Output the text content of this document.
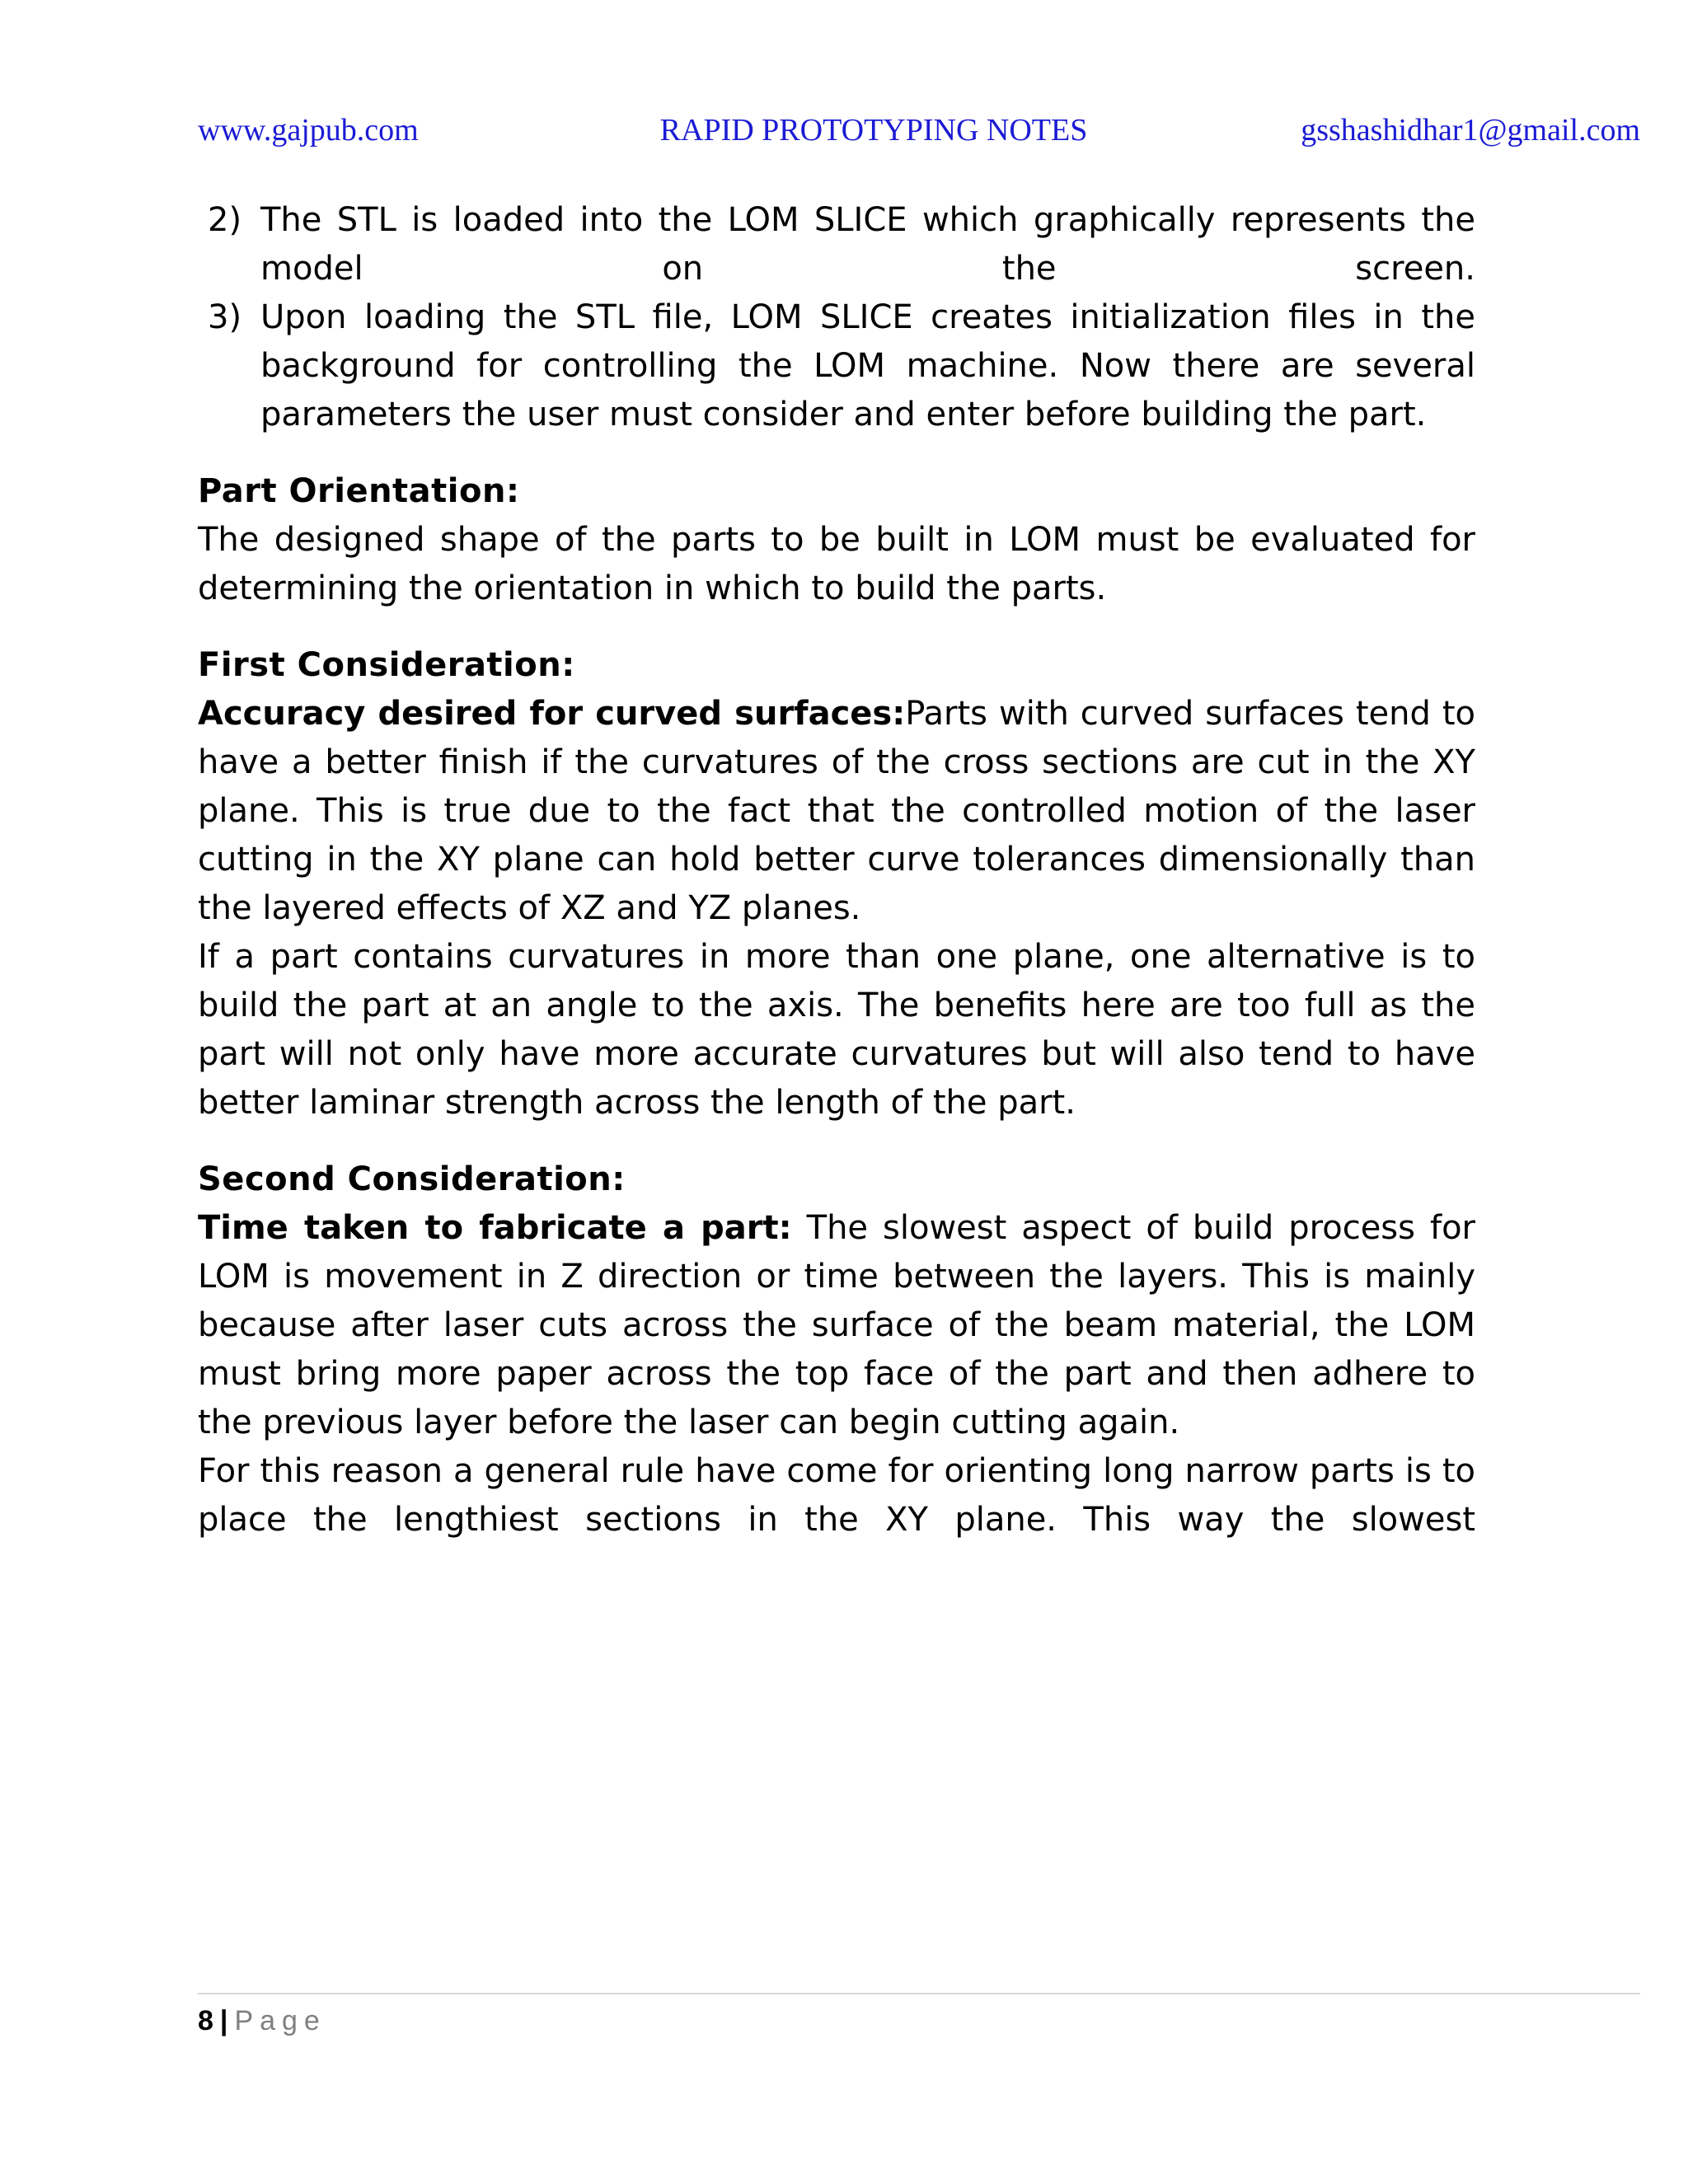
www.gajpub.com	RAPID PROTOTYPING NOTES	gsshashidhar1@gmail.com
2) The STL is loaded into the LOM SLICE which graphically represents the model on the screen.
3) Upon loading the STL file, LOM SLICE creates initialization files in the background for controlling the LOM machine. Now there are several parameters the user must consider and enter before building the part.
Part Orientation:

The designed shape of the parts to be built in LOM must be evaluated for determining the orientation in which to build the parts.

First Consideration:

Accuracy desired for curved surfaces:Parts with curved surfaces tend to have a better finish if the curvatures of the cross sections are cut in the XY plane. This is true due to the fact that the controlled motion of the laser cutting in the XY plane can hold better curve tolerances dimensionally than the layered effects of XZ and YZ planes.

If a part contains curvatures in more than one plane, one alternative is to build the part at an angle to the axis. The benefits here are too full as the part will not only have more accurate curvatures but will also tend to have better laminar strength across the length of the part.

Second Consideration:

Time taken to fabricate a part: The slowest aspect of build process for LOM is movement in Z direction or time between the layers. This is mainly because after laser cuts across the surface of the beam material, the LOM must bring more paper across the top face of the part and then adhere to the previous layer before the laser can begin cutting again.

For this reason a general rule have come for orienting long narrow parts is to place the lengthiest sections in the XY plane. This way the slowest

8 | Page
